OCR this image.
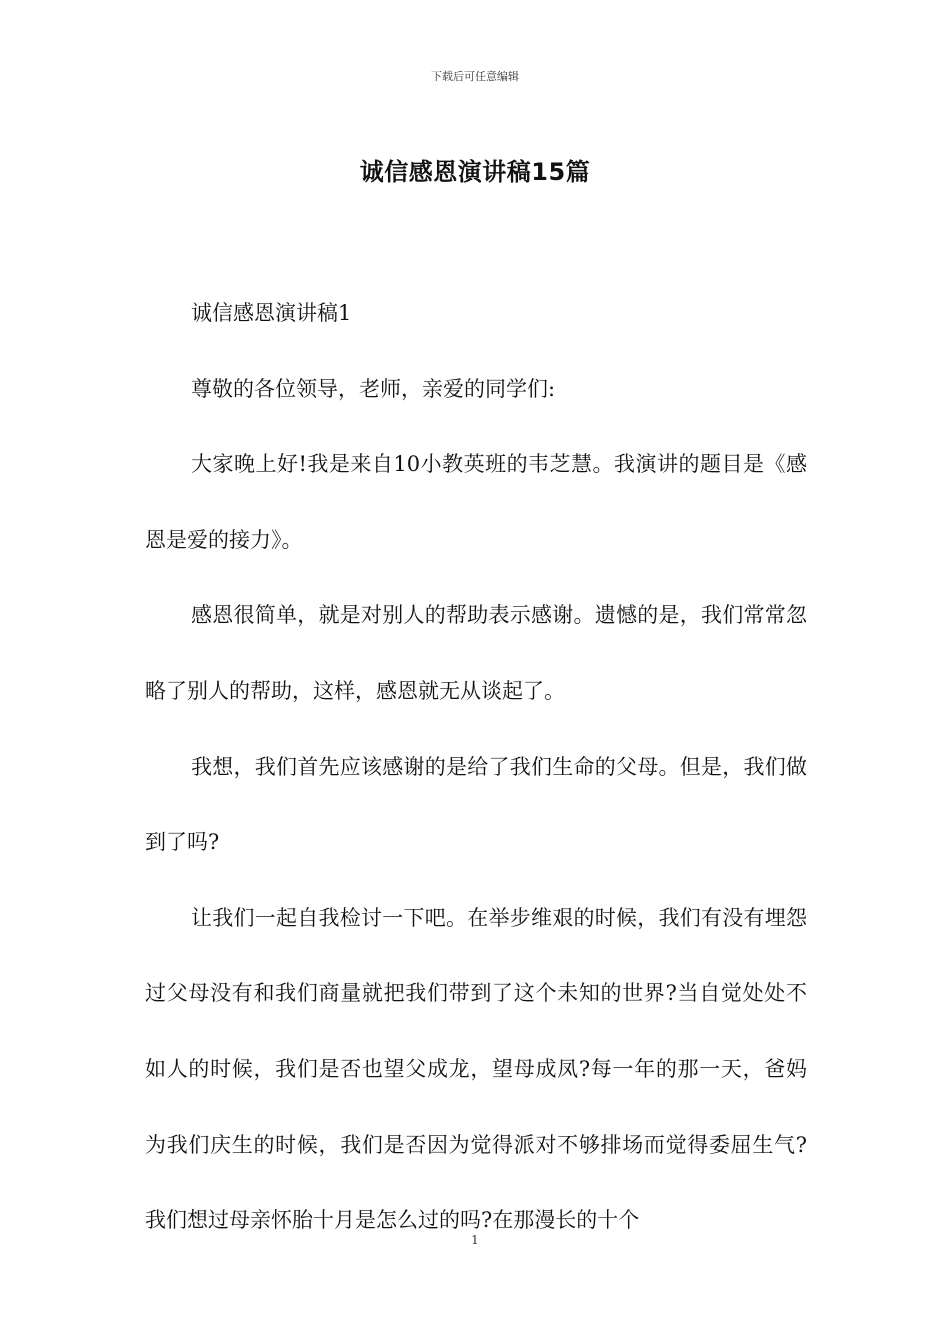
下载后可任意编辑
诚信感恩演讲稿15篇

诚信感恩演讲稿1

尊敬的各位领导，老师，亲爱的同学们:

大家晚上好!我是来自10小教英班的韦芝慧。我演讲的题目是《感恩是爱的接力》。

感恩很简单，就是对别人的帮助表示感谢。遗憾的是，我们常常忽略了别人的帮助，这样，感恩就无从谈起了。

我想，我们首先应该感谢的是给了我们生命的父母。但是，我们做到了吗?

让我们一起自我检讨一下吧。在举步维艰的时候，我们有没有埋怨过父母没有和我们商量就把我们带到了这个未知的世界?当自觉处处不如人的时候，我们是否也望父成龙，望母成凤?每一年的那一天，爸妈为我们庆生的时候，我们是否因为觉得派对不够排场而觉得委屈生气?我们想过母亲怀胎十月是怎么过的吗?在那漫长的十个

1
